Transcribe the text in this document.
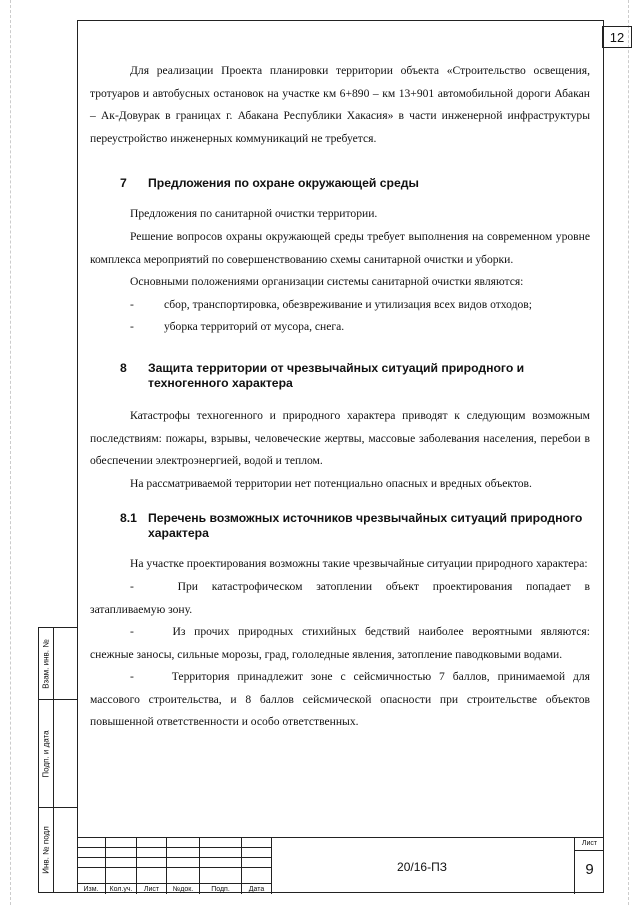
12

Для реализации Проекта планировки территории объекта «Строительство освещения, тротуаров и автобусных остановок на участке км 6+890 – км 13+901 автомобильной дороги Абакан – Ак-Довурак в границах г. Абакана Республики Хакасия» в части инженерной инфраструктуры переустройство инженерных коммуникаций не требуется.

7	Предложения по охране окружающей среды

Предложения по санитарной очистки территории.

Решение вопросов охраны окружающей среды требует выполнения на современном уровне комплекса мероприятий по совершенствованию схемы санитарной очистки и уборки.

Основными положениями организации системы санитарной очистки являются:

-	сбор, транспортировка, обезвреживание и утилизация всех видов отходов;
-	уборка территорий от мусора, снега.
8	Защита территории от чрезвычайных ситуаций природного и техногенного характера

Катастрофы техногенного и природного характера приводят к следующим возможным последствиям: пожары, взрывы, человеческие жертвы, массовые заболевания населения, перебои в обеспечении электроэнергией, водой и теплом.

На рассматриваемой территории нет потенциально опасных и вредных объектов.

8.1 Перечень возможных источников чрезвычайных ситуаций природного характера

На участке проектирования возможны такие чрезвычайные ситуации природного характера:

-	При катастрофическом затоплении объект проектирования попадает в затапливаемую зону.
-	Из прочих природных стихийных бедствий наиболее вероятными являются: снежные заносы, сильные морозы, град, гололедные явления, затопление паводковыми водами.
-	Территория принадлежит зоне с сейсмичностью 7 баллов, принимаемой для массового строительства, и 8 баллов сейсмической опасности при строительстве объектов повышенной ответственности и особо ответственных.
Изм.	Кол.уч.	Лист	№док.	Подп.	Дата
20/16-ПЗ
Лист
9
Взам. инв. №
Подп. и дата
Инв. № подл
